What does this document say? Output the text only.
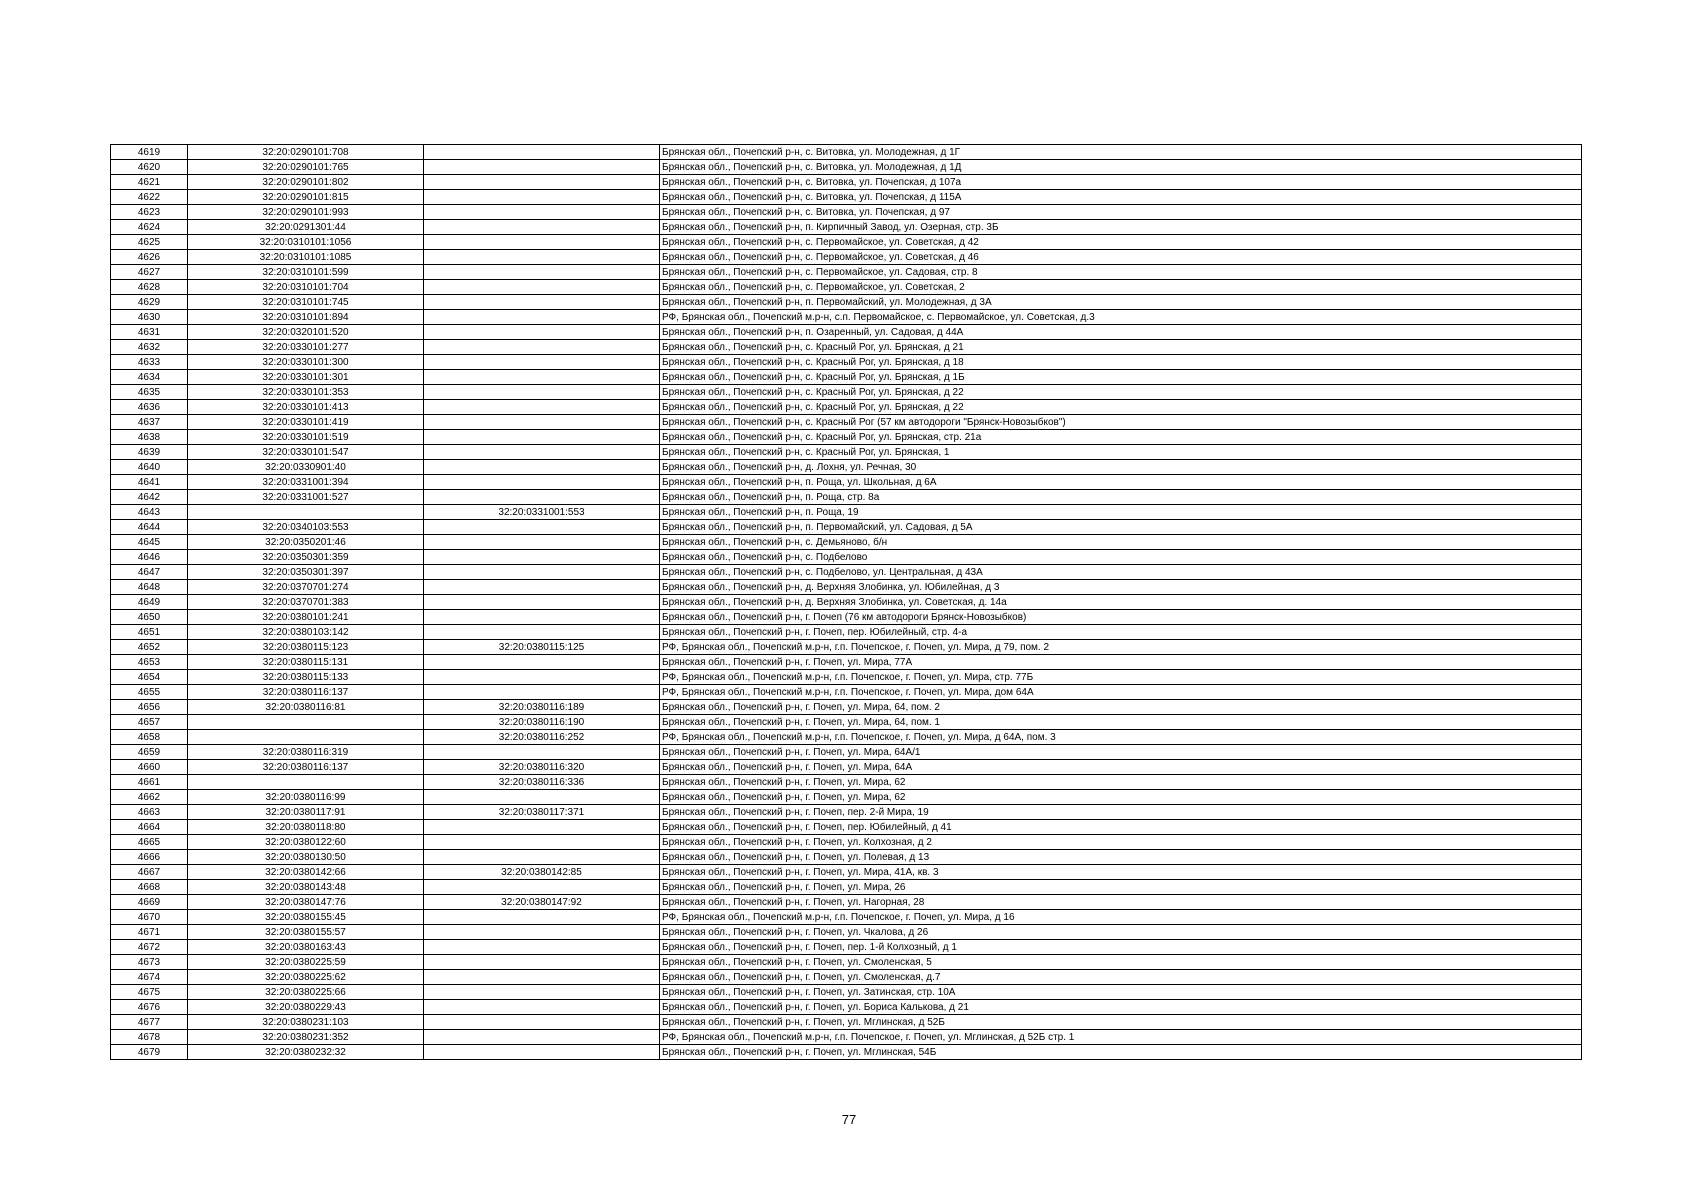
4619	32:20:0290101:708		Брянская обл., Почепский р-н, с. Витовка, ул. Молодежная, д 1Г
4620	32:20:0290101:765		Брянская обл., Почепский р-н, с. Витовка, ул. Молодежная, д 1Д
4621	32:20:0290101:802		Брянская обл., Почепский р-н, с. Витовка, ул. Почепская, д 107а
4622	32:20:0290101:815		Брянская обл., Почепский р-н, с. Витовка, ул. Почепская, д 115А
4623	32:20:0290101:993		Брянская обл., Почепский р-н, с. Витовка, ул. Почепская, д 97
4624	32:20:0291301:44		Брянская обл., Почепский р-н, п. Кирпичный Завод, ул. Озерная, стр. 3Б
4625	32:20:0310101:1056		Брянская обл., Почепский р-н, с. Первомайское, ул. Советская, д 42
4626	32:20:0310101:1085		Брянская обл., Почепский р-н, с. Первомайское, ул. Советская, д 46
4627	32:20:0310101:599		Брянская обл., Почепский р-н, с. Первомайское, ул. Садовая, стр. 8
4628	32:20:0310101:704		Брянская обл., Почепский р-н, с. Первомайское, ул. Советская, 2
4629	32:20:0310101:745		Брянская обл., Почепский р-н, п. Первомайский, ул. Молодежная, д 3А
4630	32:20:0310101:894		РФ, Брянская обл., Почепский м.р-н, с.п. Первомайское, с. Первомайское, ул. Советская, д.3
4631	32:20:0320101:520		Брянская обл., Почепский р-н, п. Озаренный, ул. Садовая, д 44А
4632	32:20:0330101:277		Брянская обл., Почепский р-н, с. Красный Рог, ул. Брянская, д 21
4633	32:20:0330101:300		Брянская обл., Почепский р-н, с. Красный Рог, ул. Брянская, д 18
4634	32:20:0330101:301		Брянская обл., Почепский р-н, с. Красный Рог, ул. Брянская, д 1Б
4635	32:20:0330101:353		Брянская обл., Почепский р-н, с. Красный Рог, ул. Брянская, д 22
4636	32:20:0330101:413		Брянская обл., Почепский р-н, с. Красный Рог, ул. Брянская, д 22
4637	32:20:0330101:419		Брянская обл., Почепский р-н, с. Красный Рог (57 км автодороги "Брянск-Новозыбков")
4638	32:20:0330101:519		Брянская обл., Почепский р-н, с. Красный Рог, ул. Брянская, стр. 21а
4639	32:20:0330101:547		Брянская обл., Почепский р-н, с. Красный Рог, ул. Брянская, 1
4640	32:20:0330901:40		Брянская обл., Почепский р-н, д. Лохня, ул. Речная, 30
4641	32:20:0331001:394		Брянская обл., Почепский р-н, п. Роща, ул. Школьная, д 6А
4642	32:20:0331001:527		Брянская обл., Почепский р-н, п. Роща, стр. 8а
4643		32:20:0331001:553	Брянская обл., Почепский р-н, п. Роща, 19
4644	32:20:0340103:553		Брянская обл., Почепский р-н, п. Первомайский, ул. Садовая, д 5А
4645	32:20:0350201:46		Брянская обл., Почепский р-н, с. Демьяново, б/н
4646	32:20:0350301:359		Брянская обл., Почепский р-н, с. Подбелово
4647	32:20:0350301:397		Брянская обл., Почепский р-н, с. Подбелово, ул. Центральная, д 43А
4648	32:20:0370701:274		Брянская обл., Почепский р-н, д. Верхняя Злобинка, ул. Юбилейная, д 3
4649	32:20:0370701:383		Брянская обл., Почепский р-н, д. Верхняя Злобинка, ул. Советская, д. 14а
4650	32:20:0380101:241		Брянская обл., Почепский р-н, г. Почеп (76 км автодороги Брянск-Новозыбков)
4651	32:20:0380103:142		Брянская обл., Почепский р-н, г. Почеп, пер. Юбилейный, стр. 4-а
4652	32:20:0380115:123	32:20:0380115:125	РФ, Брянская обл., Почепский м.р-н, г.п. Почепское, г. Почеп, ул. Мира, д 79, пом. 2
4653	32:20:0380115:131		Брянская обл., Почепский р-н, г. Почеп, ул. Мира, 77А
4654	32:20:0380115:133		РФ, Брянская обл., Почепский м.р-н, г.п. Почепское, г. Почеп, ул. Мира, стр. 77Б
4655	32:20:0380116:137		РФ, Брянская обл., Почепский м.р-н, г.п. Почепское, г. Почеп, ул. Мира, дом 64А
4656	32:20:0380116:81	32:20:0380116:189	Брянская обл., Почепский р-н, г. Почеп, ул. Мира, 64, пом. 2
4657		32:20:0380116:190	Брянская обл., Почепский р-н, г. Почеп, ул. Мира, 64, пом. 1
4658		32:20:0380116:252	РФ, Брянская обл., Почепский м.р-н, г.п. Почепское, г. Почеп, ул. Мира, д 64А, пом. 3
4659	32:20:0380116:319		Брянская обл., Почепский р-н, г. Почеп, ул. Мира, 64А/1
4660	32:20:0380116:137	32:20:0380116:320	Брянская обл., Почепский р-н, г. Почеп, ул. Мира, 64А
4661		32:20:0380116:336	Брянская обл., Почепский р-н, г. Почеп, ул. Мира, 62
4662	32:20:0380116:99		Брянская обл., Почепский р-н, г. Почеп, ул. Мира, 62
4663	32:20:0380117:91	32:20:0380117:371	Брянская обл., Почепский р-н, г. Почеп, пер. 2-й Мира, 19
4664	32:20:0380118:80		Брянская обл., Почепский р-н, г. Почеп, пер. Юбилейный, д 41
4665	32:20:0380122:60		Брянская обл., Почепский р-н, г. Почеп, ул. Колхозная, д 2
4666	32:20:0380130:50		Брянская обл., Почепский р-н, г. Почеп, ул. Полевая, д 13
4667	32:20:0380142:66	32:20:0380142:85	Брянская обл., Почепский р-н, г. Почеп, ул. Мира, 41А, кв. 3
4668	32:20:0380143:48		Брянская обл., Почепский р-н, г. Почеп, ул. Мира, 26
4669	32:20:0380147:76	32:20:0380147:92	Брянская обл., Почепский р-н, г. Почеп, ул. Нагорная, 28
4670	32:20:0380155:45		РФ, Брянская обл., Почепский м.р-н, г.п. Почепское, г. Почеп, ул. Мира, д 16
4671	32:20:0380155:57		Брянская обл., Почепский р-н, г. Почеп, ул. Чкалова, д 26
4672	32:20:0380163:43		Брянская обл., Почепский р-н, г. Почеп, пер. 1-й Колхозный, д 1
4673	32:20:0380225:59		Брянская обл., Почепский р-н, г. Почеп, ул. Смоленская, 5
4674	32:20:0380225:62		Брянская обл., Почепский р-н, г. Почеп, ул. Смоленская, д.7
4675	32:20:0380225:66		Брянская обл., Почепский р-н, г. Почеп, ул. Затинская, стр. 10А
4676	32:20:0380229:43		Брянская обл., Почепский р-н, г. Почеп, ул. Бориса Калькова, д 21
4677	32:20:0380231:103		Брянская обл., Почепский р-н, г. Почеп, ул. Мглинская, д 52Б
4678	32:20:0380231:352		РФ, Брянская обл., Почепский м.р-н, г.п. Почепское, г. Почеп, ул. Мглинская, д 52Б стр. 1
4679	32:20:0380232:32		Брянская обл., Почепский р-н, г. Почеп, ул. Мглинская, 54Б
77
